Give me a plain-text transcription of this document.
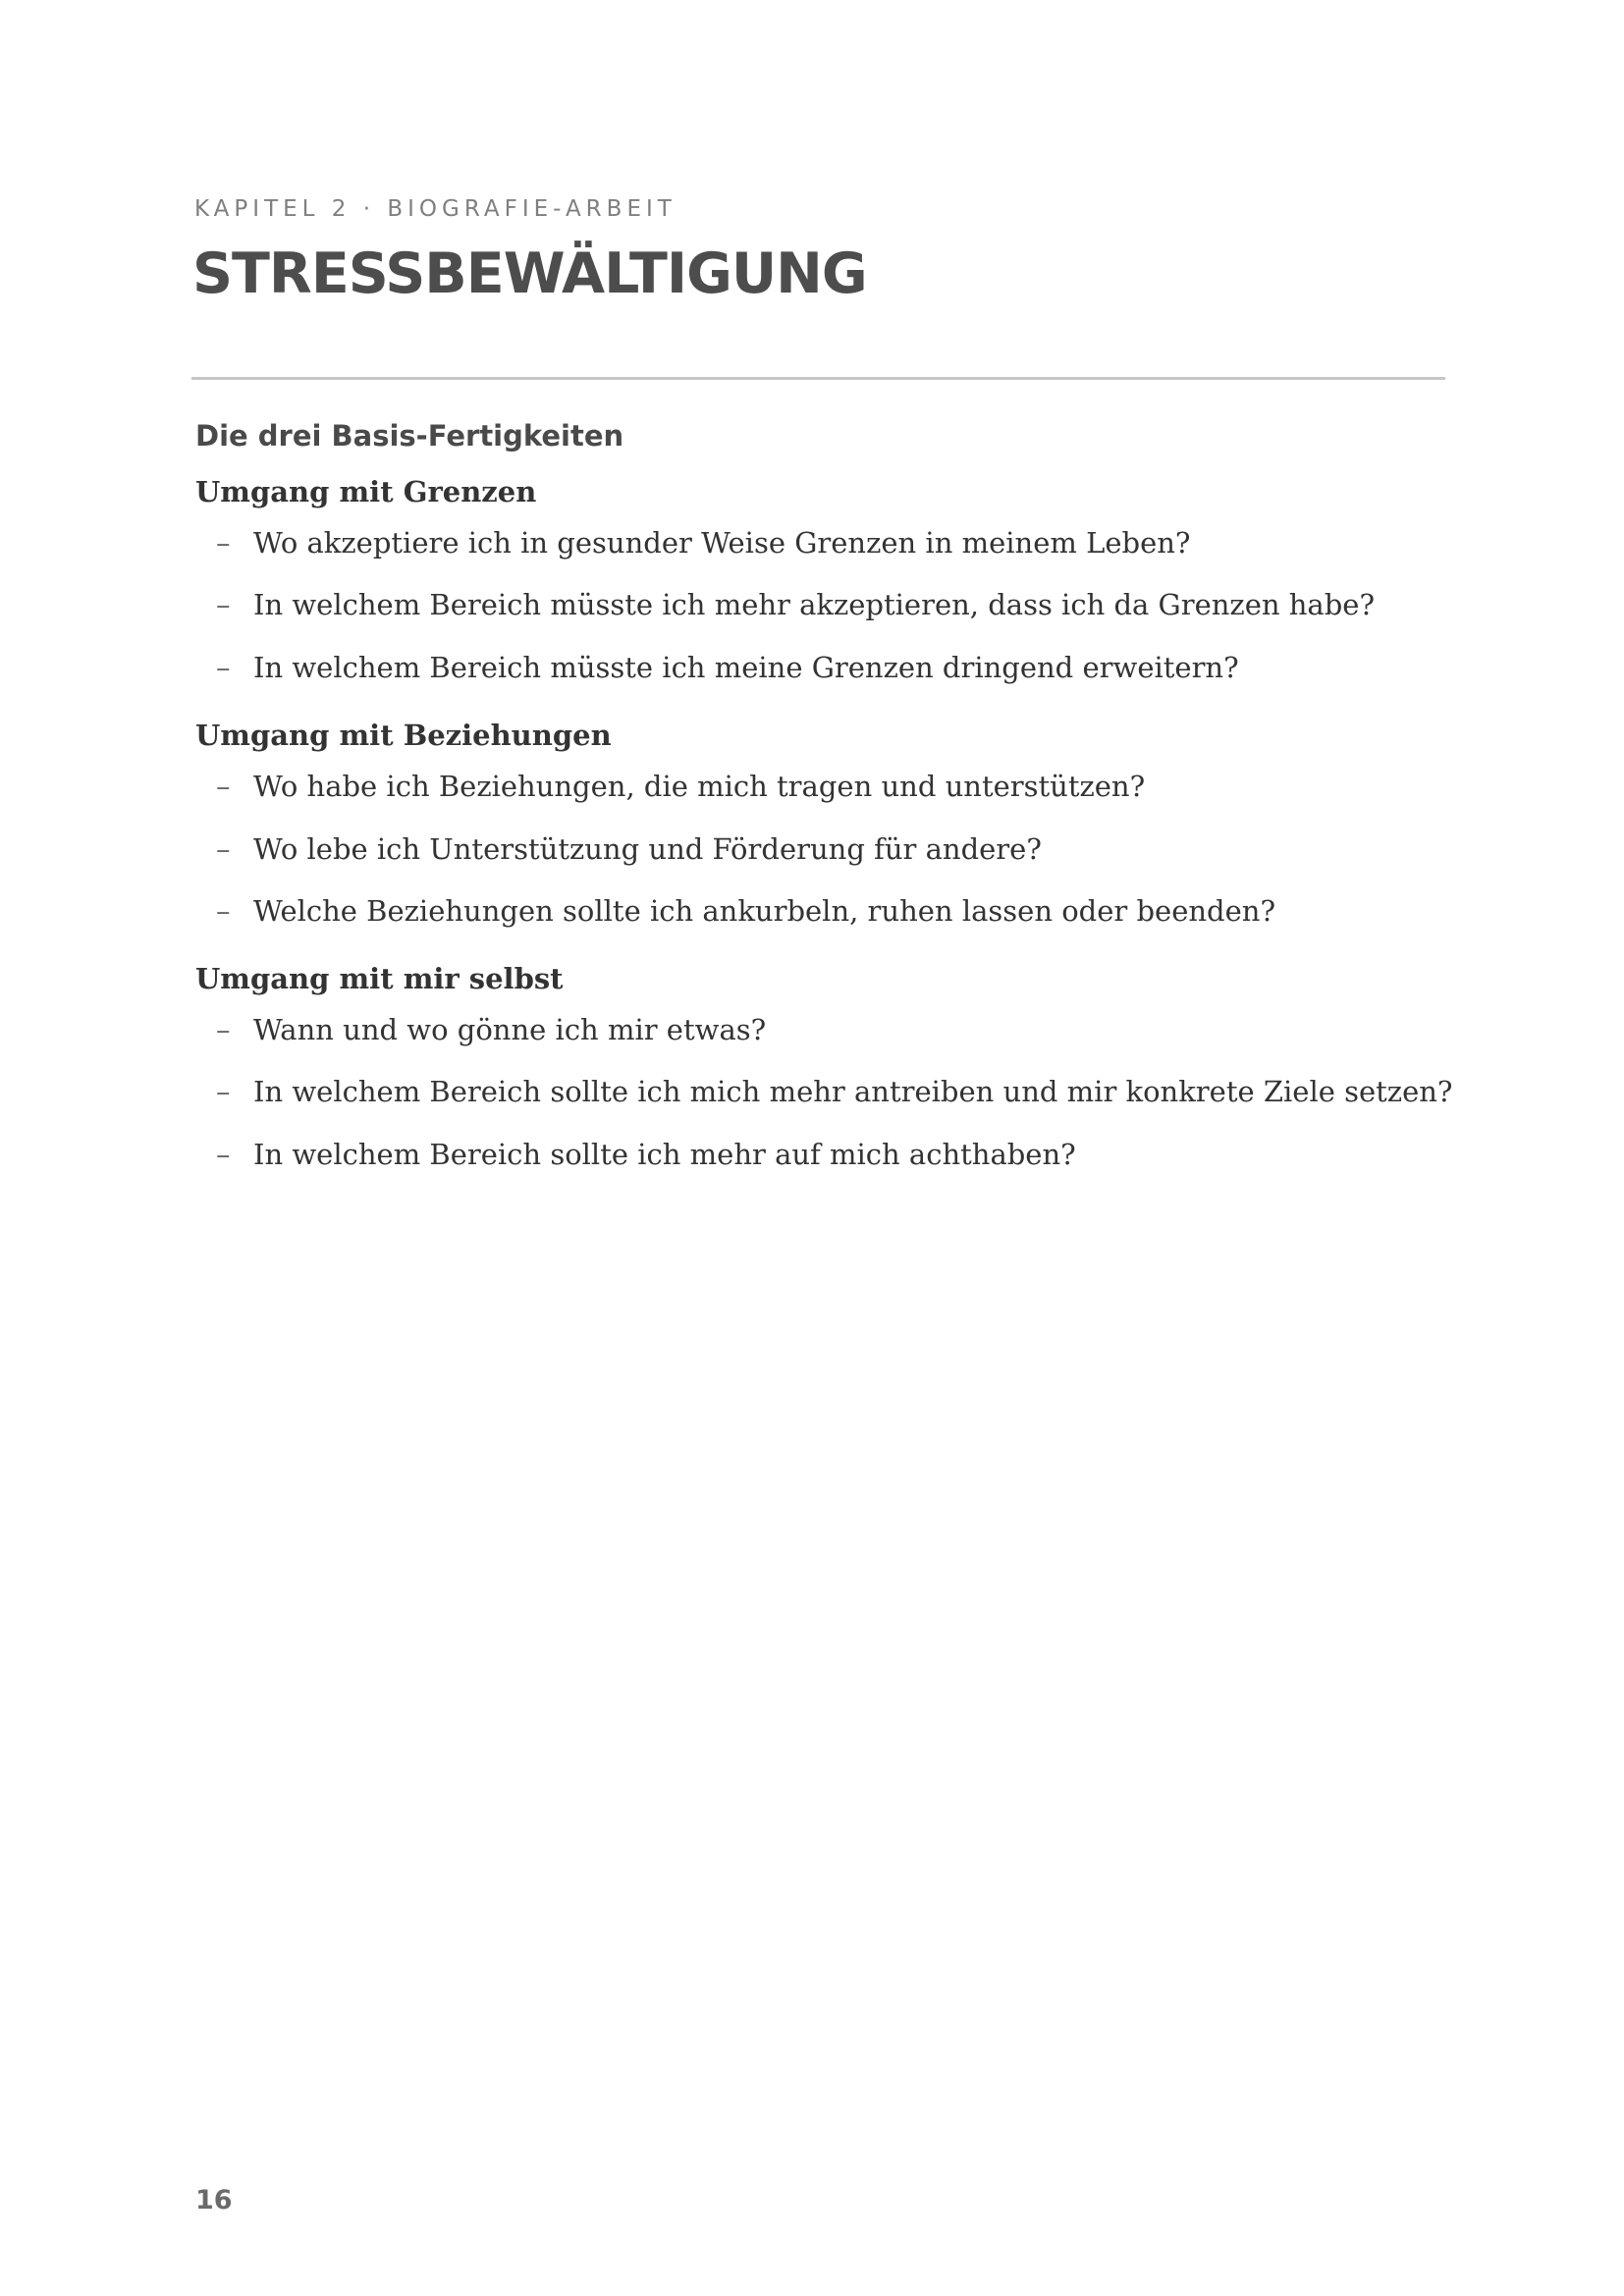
KAPITEL 2 · BIOGRAFIE-ARBEIT
STRESSBEWÄLTIGUNG
Die drei Basis-Fertigkeiten
Umgang mit Grenzen
– Wo akzeptiere ich in gesunder Weise Grenzen in meinem Leben?
– In welchem Bereich müsste ich mehr akzeptieren, dass ich da Grenzen habe?
– In welchem Bereich müsste ich meine Grenzen dringend erweitern?
Umgang mit Beziehungen
– Wo habe ich Beziehungen, die mich tragen und unterstützen?
– Wo lebe ich Unterstützung und Förderung für andere?
– Welche Beziehungen sollte ich ankurbeln, ruhen lassen oder beenden?
Umgang mit mir selbst
– Wann und wo gönne ich mir etwas?
– In welchem Bereich sollte ich mich mehr antreiben und mir konkrete Ziele setzen?
– In welchem Bereich sollte ich mehr auf mich achthaben?
16
